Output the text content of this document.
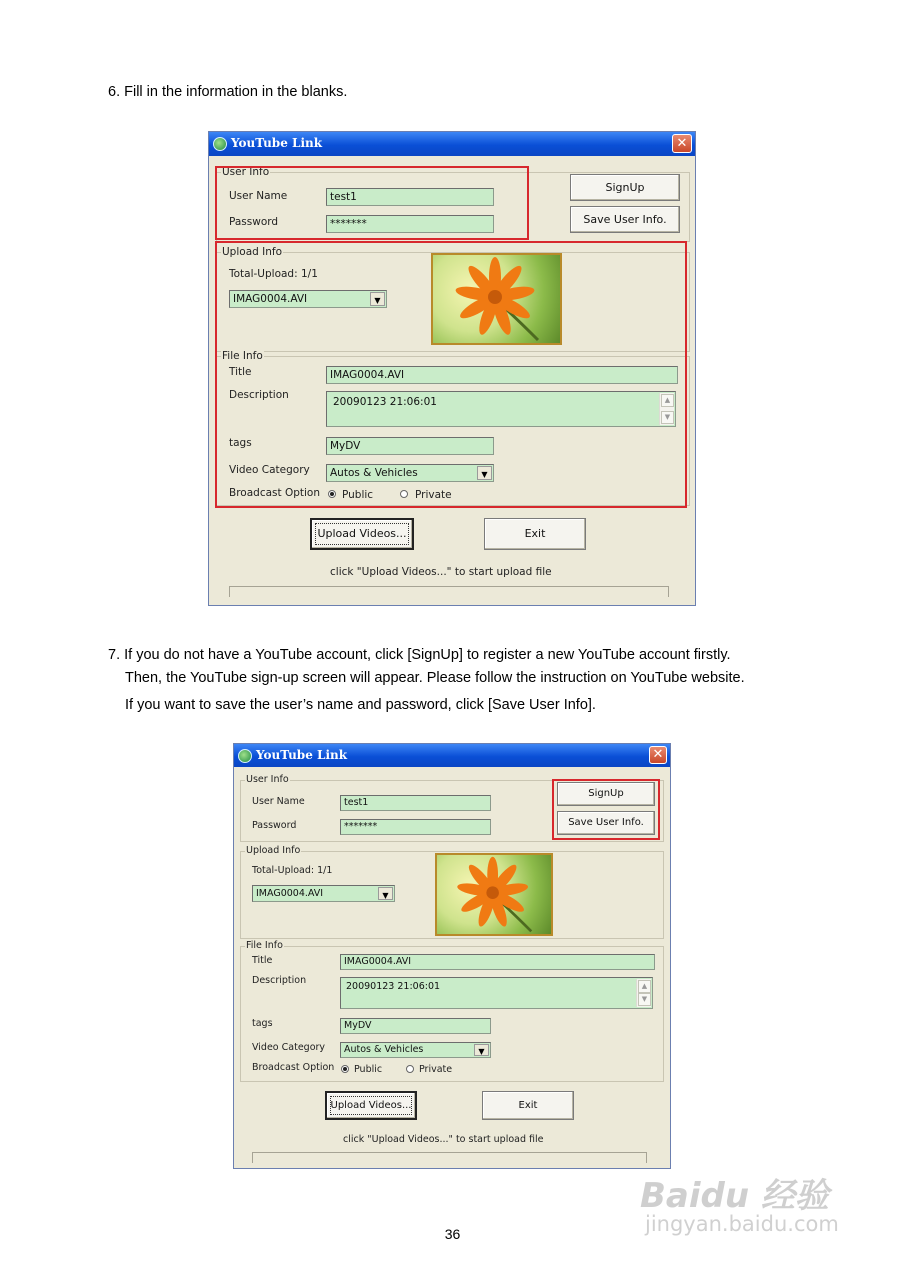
6. Fill in the information in the blanks.
YouTube Link	✕
User Info
User Name	test1
Password	*******
SignUp
Save User Info.
Upload Info
Total-Upload: 1/1
IMAG0004.AVI	▼
File Info
Title	IMAG0004.AVI
Description
20090123 21:06:01	▲
▼
tags	MyDV
Video Category	Autos & Vehicles	▼
Broadcast Option Public	Private
Upload Videos...	Exit
click "Upload Videos..." to start upload file
7. If you do not have a YouTube account, click [SignUp] to register a new YouTube account firstly.
Then, the YouTube sign-up screen will appear. Please follow the instruction on YouTube website.
If you want to save the user’s name and password, click [Save User Info].
YouTube Link	✕
User Info
User Name	test1
Password	*******
SignUp
Save User Info.
Upload Info
Total-Upload: 1/1
IMAG0004.AVI	▼
File Info
Title	IMAG0004.AVI
Description
20090123 21:06:01	▲
▼
tags	MyDV
Video Category	Autos & Vehicles	▼
Broadcast Option Public	Private
Upload Videos...	Exit
click "Upload Videos..." to start upload file
36
Baidu 经验
jingyan.baidu.com
